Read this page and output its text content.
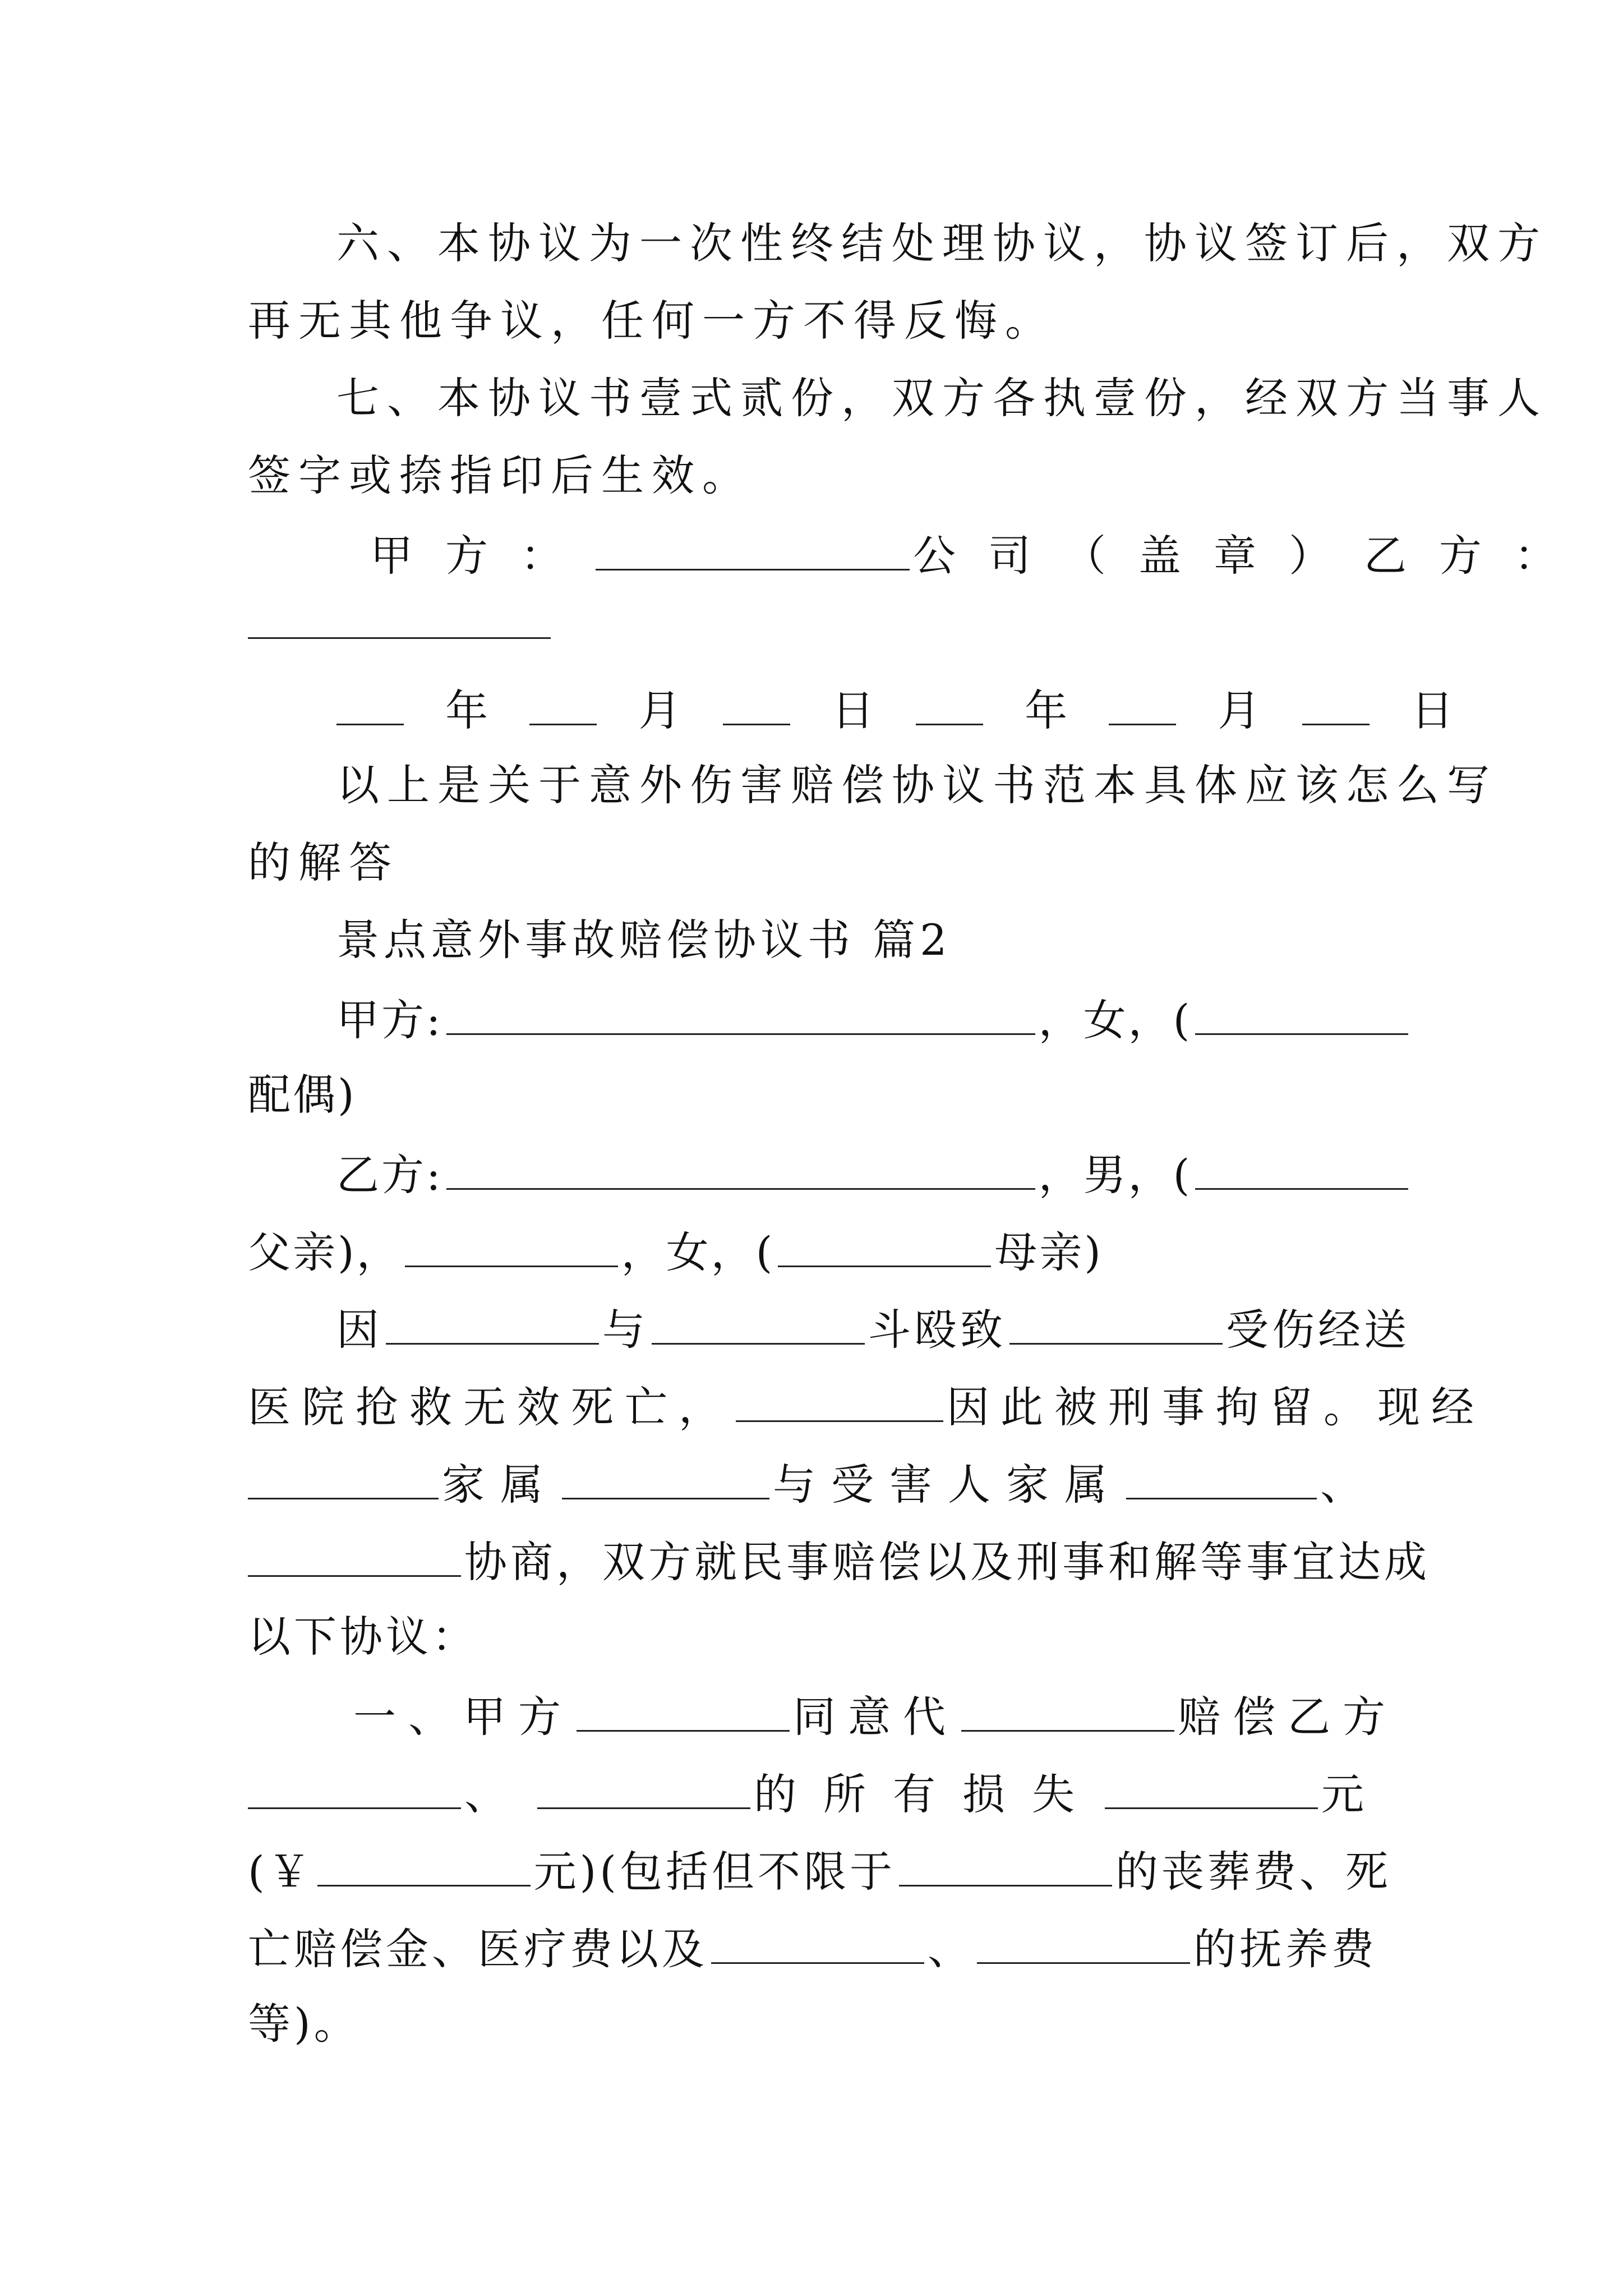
六、本协议为一次性终结处理协议，协议签订后，双方
再无其他争议，任何一方不得反悔。
七、本协议书壹式贰份，双方各执壹份，经双方当事人
签字或捺指印后生效。
甲方：	公司（盖章）乙方：
年	月	日	年	月	日
以上是关于意外伤害赔偿协议书范本具体应该怎么写
的解答
景点意外事故赔偿协议书 篇2
甲方:	，女，(
配偶)
乙方:	，男，(
父亲)，	，女，(	母亲)
因	与	斗殴致	受伤经送
医院抢救无效死亡，	因此被刑事拘留。现经
家属	与受害人家属	、
协商，双方就民事赔偿以及刑事和解等事宜达成
以下协议：
一、甲方	同意代	赔偿乙方
、	的所有损失	元
(￥	元)(包括但不限于	的丧葬费、死
亡赔偿金、医疗费以及	、	的抚养费
等)。
